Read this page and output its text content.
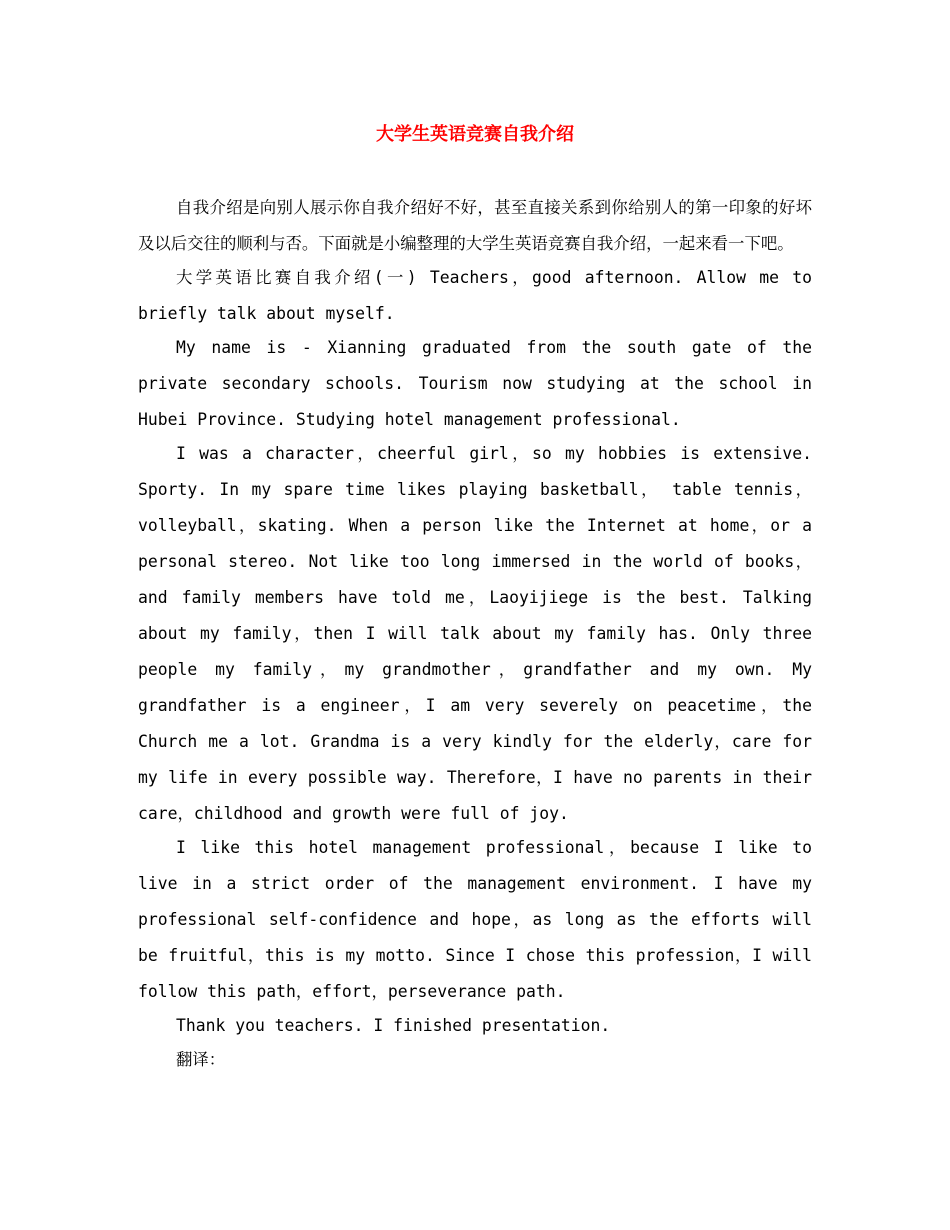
大学生英语竞赛自我介绍

自我介绍是向别人展示你自我介绍好不好，甚至直接关系到你给别人的第一印象的好坏及以后交往的顺利与否。下面就是小编整理的大学生英语竞赛自我介绍，一起来看一下吧。

大学英语比赛自我介绍(一) Teachers，good afternoon. Allow me to briefly talk about myself.

My name is - Xianning graduated from the south gate of the private secondary schools. Tourism now studying at the school in Hubei Province. Studying hotel management professional.

I was a character，cheerful girl，so my hobbies is extensive. Sporty. In my spare time likes playing basketball， table tennis，volleyball，skating. When a person like the Internet at home，or a personal stereo. Not like too long immersed in the world of books，and family members have told me，Laoyijiege is the best. Talking about my family，then I will talk about my family has. Only three people my family，my grandmother，grandfather and my own. My grandfather is a engineer，I am very severely on peacetime，the Church me a lot. Grandma is a very kindly for the elderly，care for my life in every possible way. Therefore，I have no parents in their care，childhood and growth were full of joy.

I like this hotel management professional，because I like to live in a strict order of the management environment. I have my professional self-confidence and hope，as long as the efforts will be fruitful，this is my motto. Since I chose this profession，I will follow this path，effort，perseverance path.

Thank you teachers. I finished presentation.

翻译：
